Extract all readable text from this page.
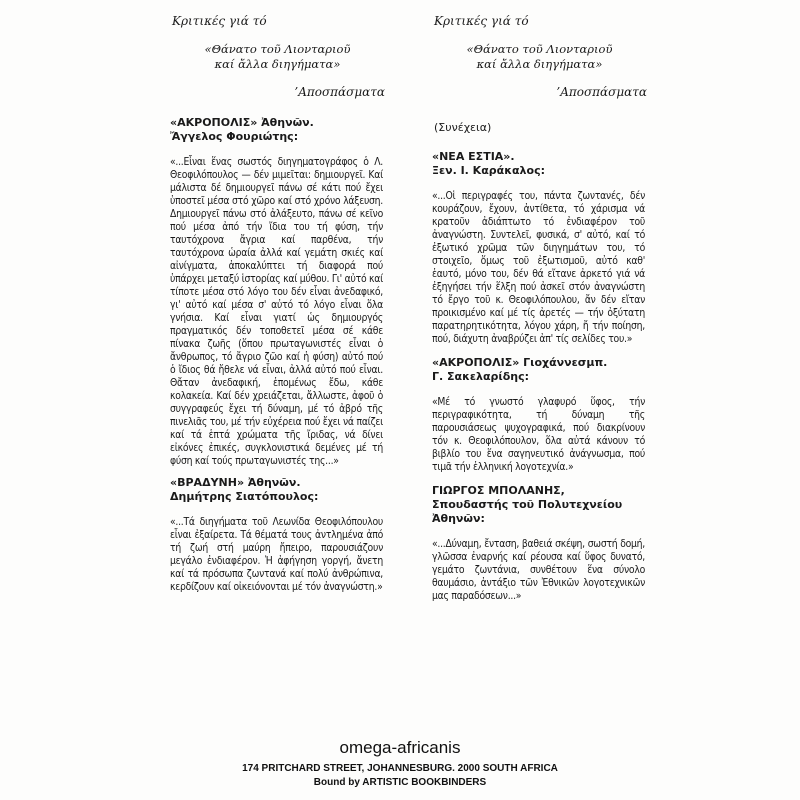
Κριτικές γιά τό

«Θάνατο τοῦ Λιονταριοῦ

καί ἄλλα διηγήματα»

’Αποσπάσματα

«ΑΚΡΟΠΟΛΙΣ» Ἀθηνῶν.

Ἄγγελος Φουριώτης:

«...Εἶναι ἕνας σωστός διηγηματογράφος ὁ Λ. Θεοφιλόπουλος — δέν μιμεῖται: δημιουργεῖ. Καί μάλιστα δέ δημιουργεῖ πάνω σέ κάτι πού ἔχει ὑποστεῖ μέσα στό χῶρο καί στό χρόνο λάξευση. Δημιουργεῖ πάνω στό ἀλάξευτο, πάνω σέ κεῖνο πού μέσα ἀπό τήν ἴδια του τή φύση, τήν ταυτόχρονα ἄγρια καί παρθένα, τήν ταυτόχρονα ὡραία ἀλλά καί γεμάτη σκιές καί αἰνίγματα, ἀποκαλύπτει τή διαφορά πού ὑπάρχει μεταξύ ἱστορίας καί μύθου. Γι' αὐτό καί τίποτε μέσα στό λόγο του δέν εἶναι ἀνεδαφικό, γι' αὐτό καί μέσα σ' αὐτό τό λόγο εἶναι ὅλα γνήσια. Καί εἶναι γιατί ὡς δημιουργός πραγματικός δέν τοποθετεῖ μέσα σέ κάθε πίνακα ζωῆς (ὅπου πρωταγωνιστές εἶναι ὁ ἄνθρωπος, τό ἄγριο ζῶο καί ἡ φύση) αὐτό πού ὁ ἴδιος θά ἤθελε νά εἶναι, ἀλλά αὐτό πού εἶναι. Θἄταν ἀνεδαφική, ἑπομένως ἔδω, κάθε κολακεία. Καί δέν χρειάζεται, ἄλλωστε, ἀφοῦ ὁ συγγραφεύς ἔχει τή δύναμη, μέ τό ἀβρό τῆς πινελιᾶς του, μέ τήν εὐχέρεια πού ἔχει νά παίζει καί τά ἑπτά χρώματα τῆς ἴριδας, νά δίνει εἰκόνες ἐπικές, συγκλονιστικά δεμένες μέ τή φύση καί τούς πρωταγωνιστές της...»

«ΒΡΑΔΥΝΗ» Ἀθηνῶν.

Δημήτρης Σιατόπουλος:

«...Τά διηγήματα τοῦ Λεωνίδα Θεοφιλόπουλου εἶναι ἐξαίρετα. Τά θέματά τους ἀντλημένα ἀπό τή ζωή στή μαύρη ἤπειρο, παρουσιάζουν μεγάλο ἐνδιαφέρον. Ἡ ἀφήγηση γοργή, ἄνετη καί τά πρόσωπα ζωντανά καί πολύ ἀνθρώπινα, κερδίζουν καί οἰκειόνονται μέ τόν ἀναγνώστη.»

Κριτικές γιά τό

«Θάνατο τοῦ Λιονταριοῦ

καί ἄλλα διηγήματα»

’Αποσπάσματα

(Συνέχεια)

«ΝΕΑ ΕΣΤΙΑ».

Ξεν. Ι. Καράκαλος:

«...Οἱ περιγραφές του, πάντα ζωντανές, δέν κουράζουν, ἔχουν, ἀντίθετα, τό χάρισμα νά κρατοῦν ἀδιάπτωτο τό ἐνδιαφέρον τοῦ ἀναγνώστη. Συντελεῖ, φυσικά, σ' αὐτό, καί τό ἐξωτικό χρῶμα τῶν διηγημάτων του, τό στοιχεῖο, ὅμως τοῦ ἐξωτισμοῦ, αὐτό καθ' ἑαυτό, μόνο του, δέν θά εἴτανε ἀρκετό γιά νά ἐξηγήσει τήν ἕλξη πού ἀσκεῖ στόν ἀναγνώστη τό ἔργο τοῦ κ. Θεοφιλόπουλου, ἄν δέν εἴταν προικισμένο καί μέ τίς ἀρετές — τήν ὀξύτατη παρατηρητικότητα, λόγου χάρη, ἤ τήν ποίηση, πού, διάχυτη ἀναβρύζει ἀπ' τίς σελίδες του.»

«ΑΚΡΟΠΟΛΙΣ» Γιοχάννεσμπ.

Γ. Σακελαρίδης:

«Μέ τό γνωστό γλαφυρό ὕφος, τήν περιγραφικότητα, τή δύναμη τῆς παρουσιάσεως ψυχογραφικά, πού διακρίνουν τόν κ. Θεοφιλόπουλον, ὅλα αὐτά κάνουν τό βιβλίο του ἕνα σαγηνευτικό ἀνάγνωσμα, πού τιμᾶ τήν ἑλληνική λογοτεχνία.»

ΓΙΩΡΓΟΣ ΜΠΟΛΑΝΗΣ,

Σπουδαστής τοῦ Πολυτεχνείου Ἀθηνῶν:

«...Δύναμη, ἔνταση, βαθειά σκέψη, σωστή δομή, γλῶσσα ἐναρνής καί ρέουσα καί ὕφος δυνατό, γεμάτο ζωντάνια, συνθέτουν ἕνα σύνολο θαυμάσιο, ἀντάξιο τῶν Ἐθνικῶν λογοτεχνικῶν μας παραδόσεων...»

omega-africanis
174 PRITCHARD STREET, JOHANNESBURG. 2000 SOUTH AFRICA
Bound by ARTISTIC BOOKBINDERS
